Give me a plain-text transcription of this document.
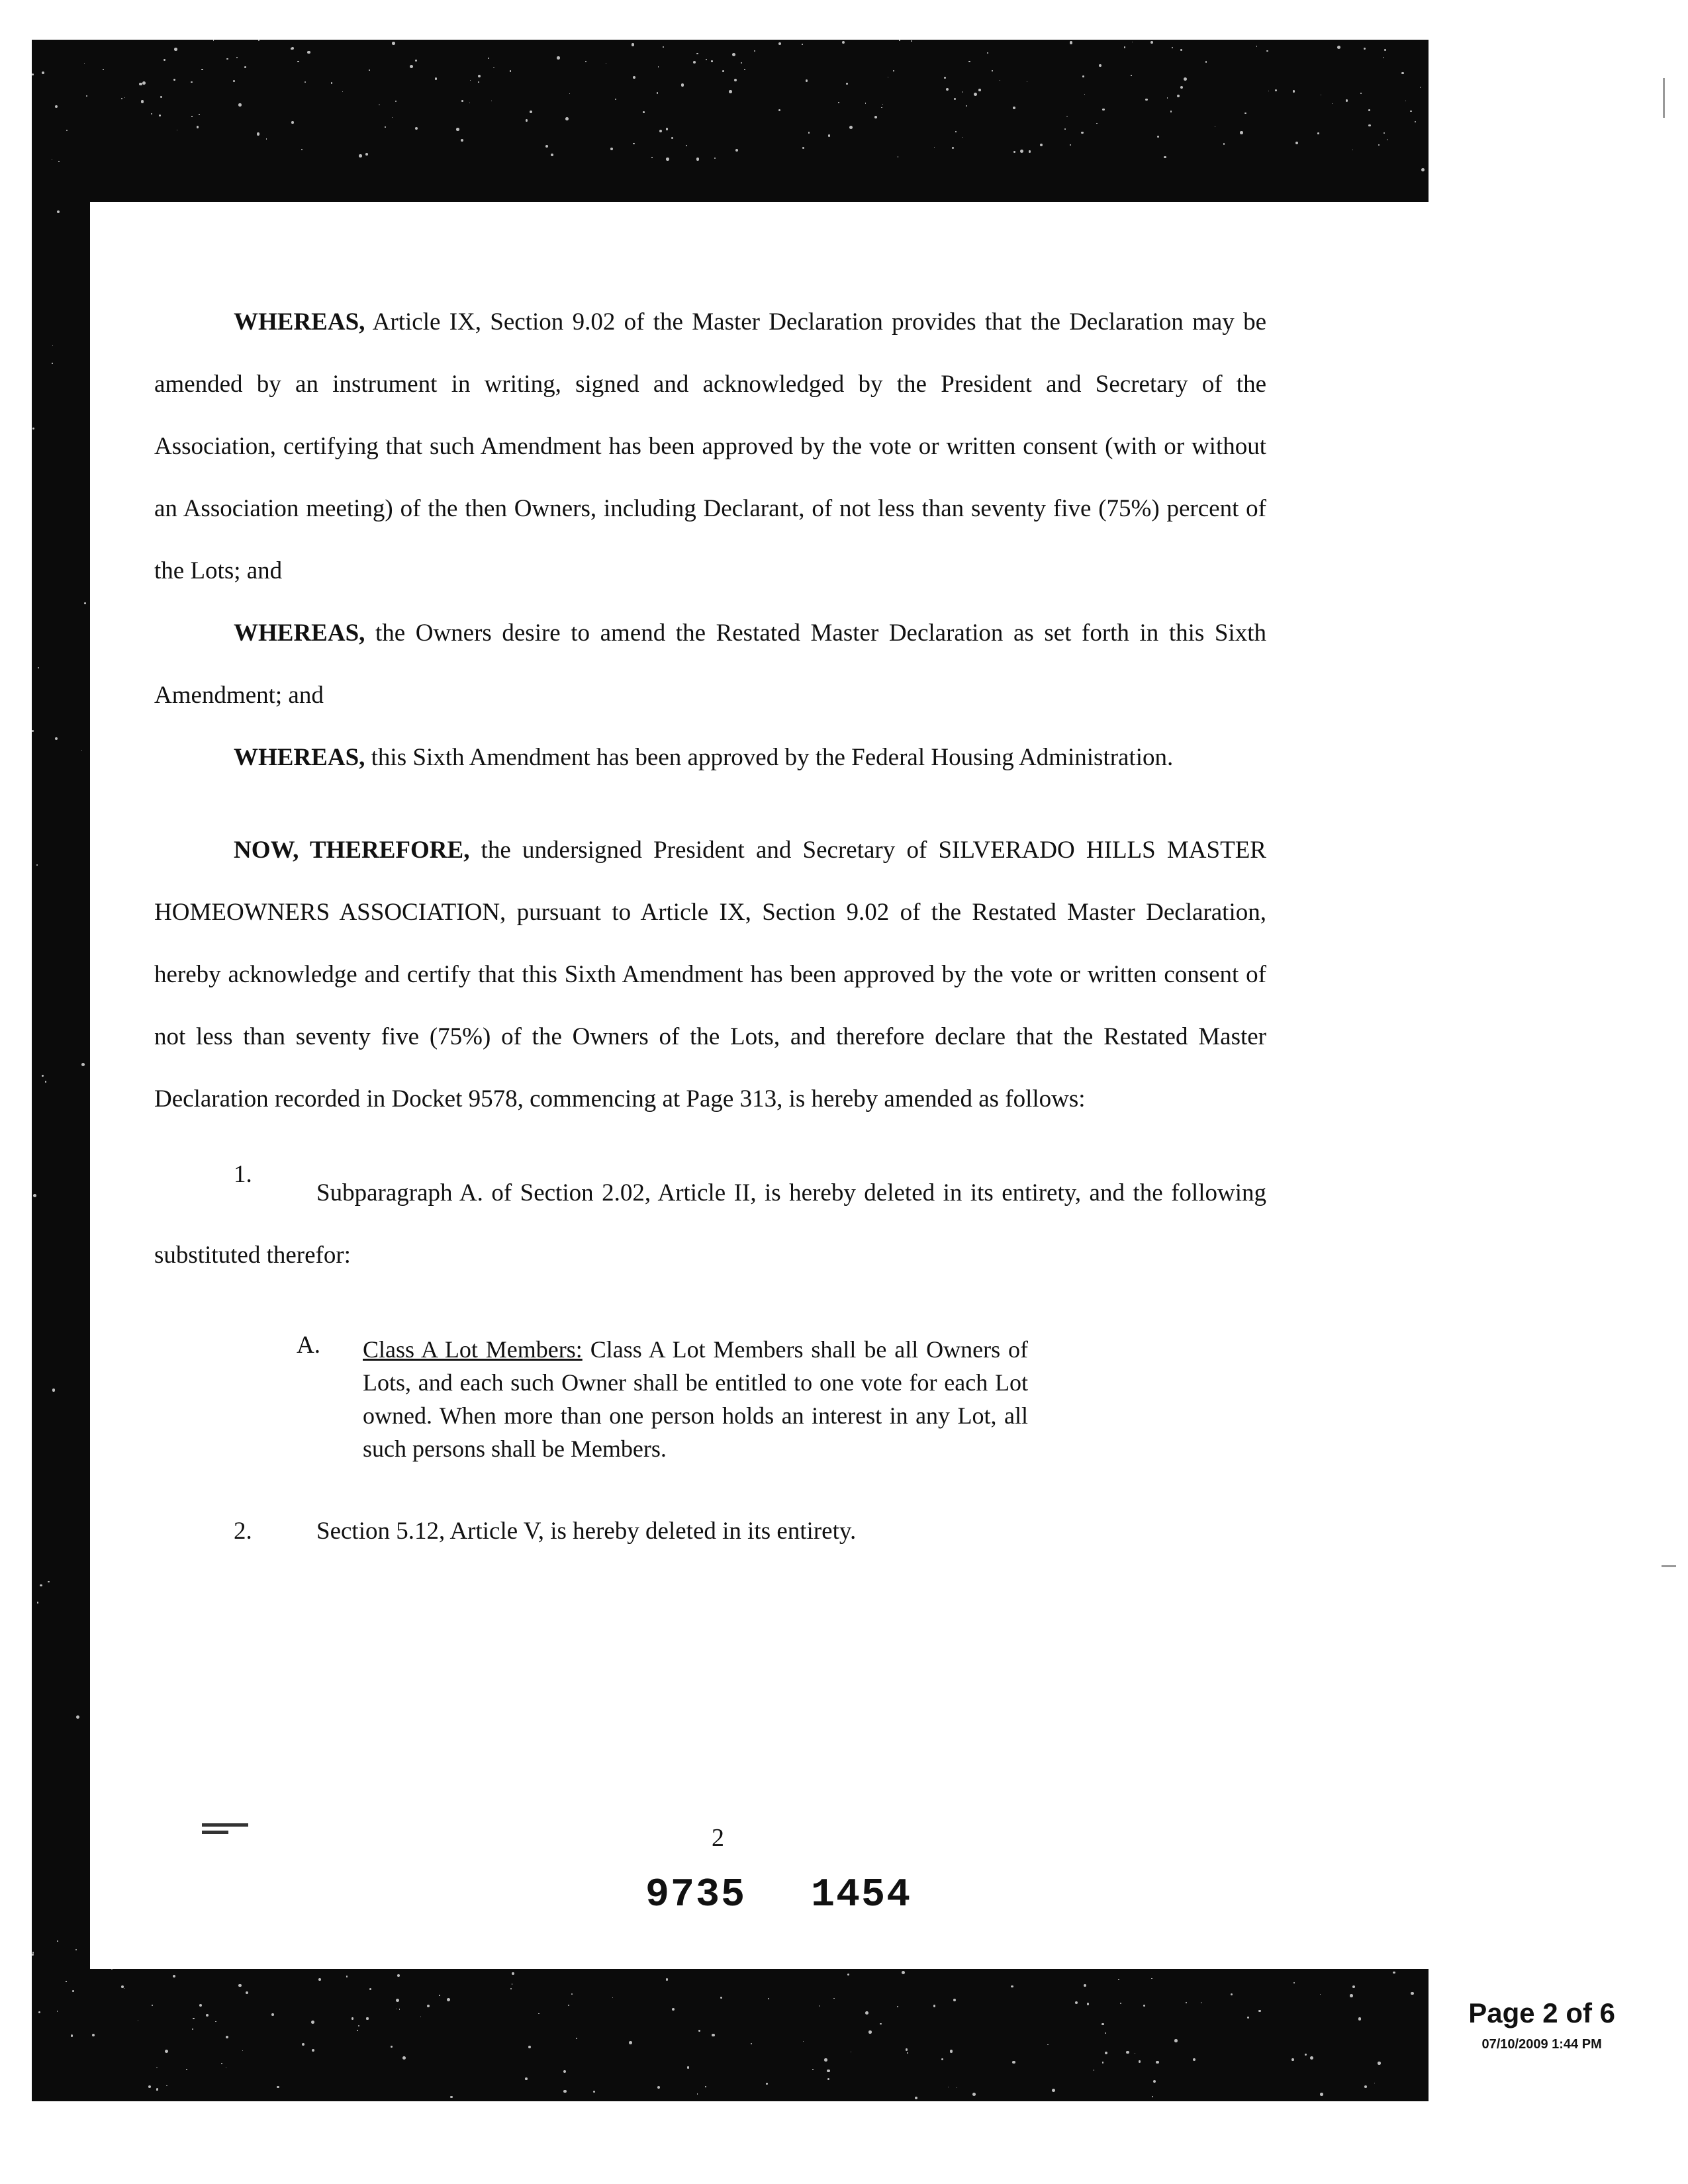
WHEREAS, Article IX, Section 9.02 of the Master Declaration provides that the Declaration may be amended by an instrument in writing, signed and acknowledged by the President and Secretary of the Association, certifying that such Amendment has been approved by the vote or written consent (with or without an Association meeting) of the then Owners, including Declarant, of not less than seventy five (75%) percent of the Lots; and

WHEREAS, the Owners desire to amend the Restated Master Declaration as set forth in this Sixth Amendment; and

WHEREAS, this Sixth Amendment has been approved by the Federal Housing Administration.

NOW, THEREFORE, the undersigned President and Secretary of SILVERADO HILLS MASTER HOMEOWNERS ASSOCIATION, pursuant to Article IX, Section 9.02 of the Restated Master Declaration, hereby acknowledge and certify that this Sixth Amendment has been approved by the vote or written consent of not less than seventy five (75%) of the Owners of the Lots, and therefore declare that the Restated Master Declaration recorded in Docket 9578, commencing at Page 313, is hereby amended as follows:

1.

Subparagraph A. of Section 2.02, Article II, is hereby deleted in its entirety, and the following substituted therefor:

A. Class A Lot Members: Class A Lot Members shall be all Owners of Lots, and each such Owner shall be entitled to one vote for each Lot owned. When more than one person holds an interest in any Lot, all such persons shall be Members.

2.	Section 5.12, Article V, is hereby deleted in its entirety.
2
9735 1454
Page 2 of 6
07/10/2009 1:44 PM
